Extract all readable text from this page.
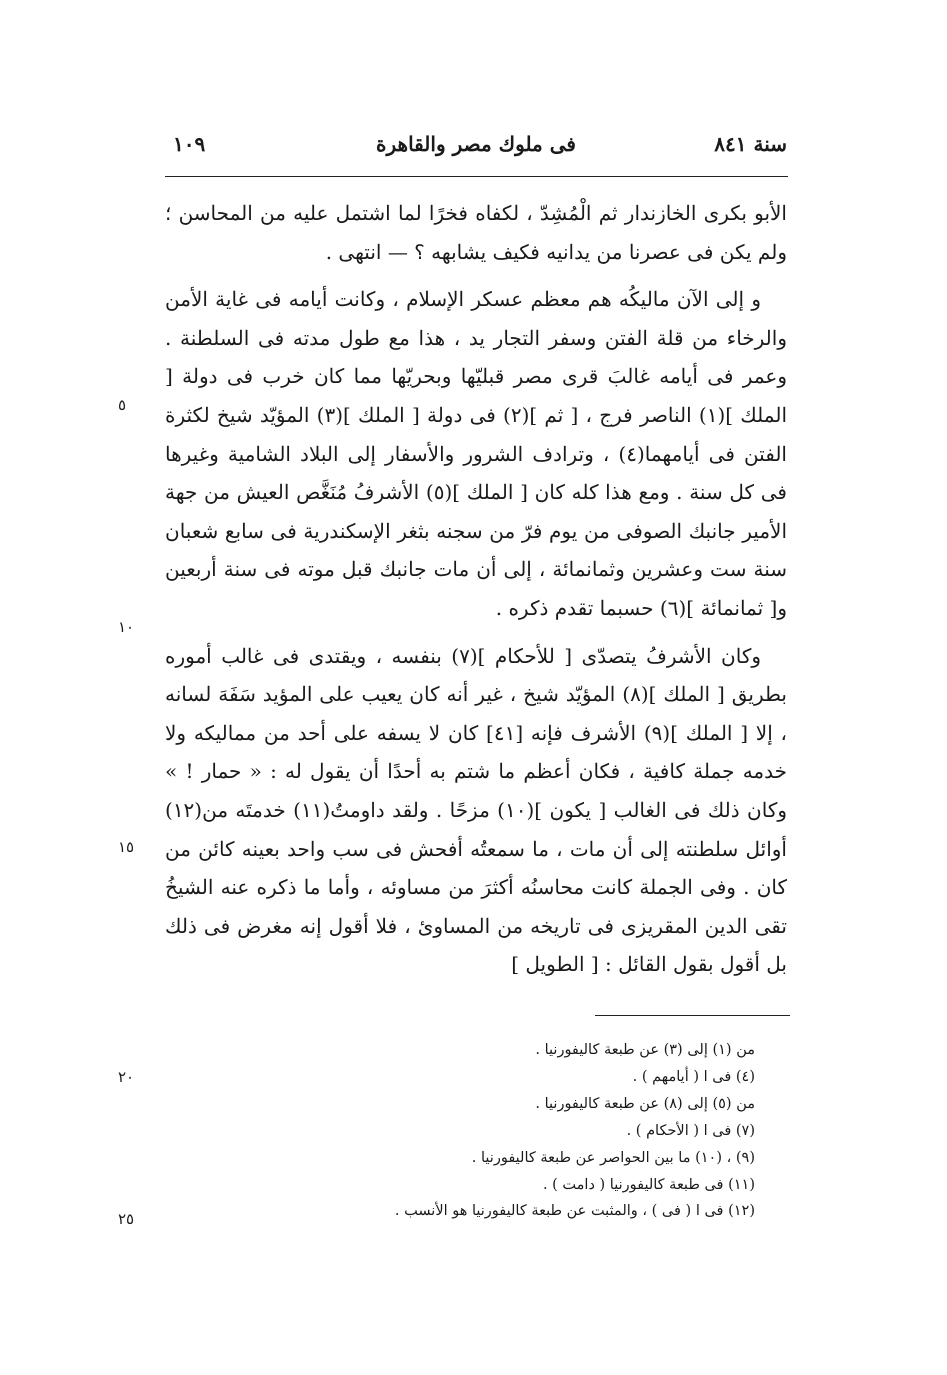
سنة ٨٤١
فى ملوك مصر والقاهرة
١٠٩

الأبو بكرى الخازندار ثم الْمُشِدّ ، لكفاه فخرًا لما اشتمل عليه من المحاسن ؛ ولم يكن فى عصرنا من يدانيه فكيف يشابهه ؟ — انتهى .

و إلى الآن ماليكُه هم معظم عسكر الإسلام ، وكانت أيامه فى غاية الأمن والرخاء من قلة الفتن وسفر التجار يد ، هذا مع طول مدته فى السلطنة . وعمر فى أيامه غالبَ قرى مصر قبليّها وبحريّها مما كان خرب فى دولة [ الملك ](١) الناصر فرج ، [ ثم ](٢) فى دولة [ الملك ](٣) المؤيّد شيخ لكثرة الفتن فى أيامهما(٤) ، وترادف الشرور والأسفار إلى البلاد الشامية وغيرها فى كل سنة . ومع هذا كله كان [ الملك ](٥) الأشرفُ مُنَغَّص العيش من جهة الأمير جانبك الصوفى من يوم فرّ من سجنه بثغر الإسكندرية فى سابع شعبان سنة ست وعشرين وثمانمائة ، إلى أن مات جانبك قبل موته فى سنة أربعين و[ ثمانمائة ](٦) حسبما تقدم ذكره .

وكان الأشرفُ يتصدّى [ للأحكام ](٧) بنفسه ، ويقتدى فى غالب أموره بطريق [ الملك ](٨) المؤيّد شيخ ، غير أنه كان يعيب على المؤيد سَفَهَ لسانه ، إلا [ الملك ](٩) الأشرف فإنه [٤١] كان لا يسفه على أحد من مماليكه ولا خدمه جملة كافية ، فكان أعظم ما شتم به أحدًا أن يقول له : « حمار ! » وكان ذلك فى الغالب [ يكون ](١٠) مزحًا . ولقد داومتُ(١١) خدمتَه من(١٢) أوائل سلطنته إلى أن مات ، ما سمعتُه أفحش فى سب واحد بعينه كائن من كان . وفى الجملة كانت محاسنُه أكثرَ من مساوئه ، وأما ما ذكره عنه الشيخُ تقى الدين المقريزى فى تاريخه من المساوئ ، فلا أقول إنه مغرض فى ذلك بل أقول بقول القائل : [ الطويل ]

٥
١٠
١٥
٢٠
٢٥
من (١) إلى (٣) عن طبعة كاليفورنيا .
(٤) فى ا ( أيامهم ) .
من (٥) إلى (٨) عن طبعة كاليفورنيا .
(٧) فى ا ( الأحكام ) .
(٩) ، (١٠) ما بين الحواصر عن طبعة كاليفورنيا .
(١١) فى طبعة كاليفورنيا ( دامت ) .
(١٢) فى ا ( فى ) ، والمثبت عن طبعة كاليفورنيا هو الأنسب .
